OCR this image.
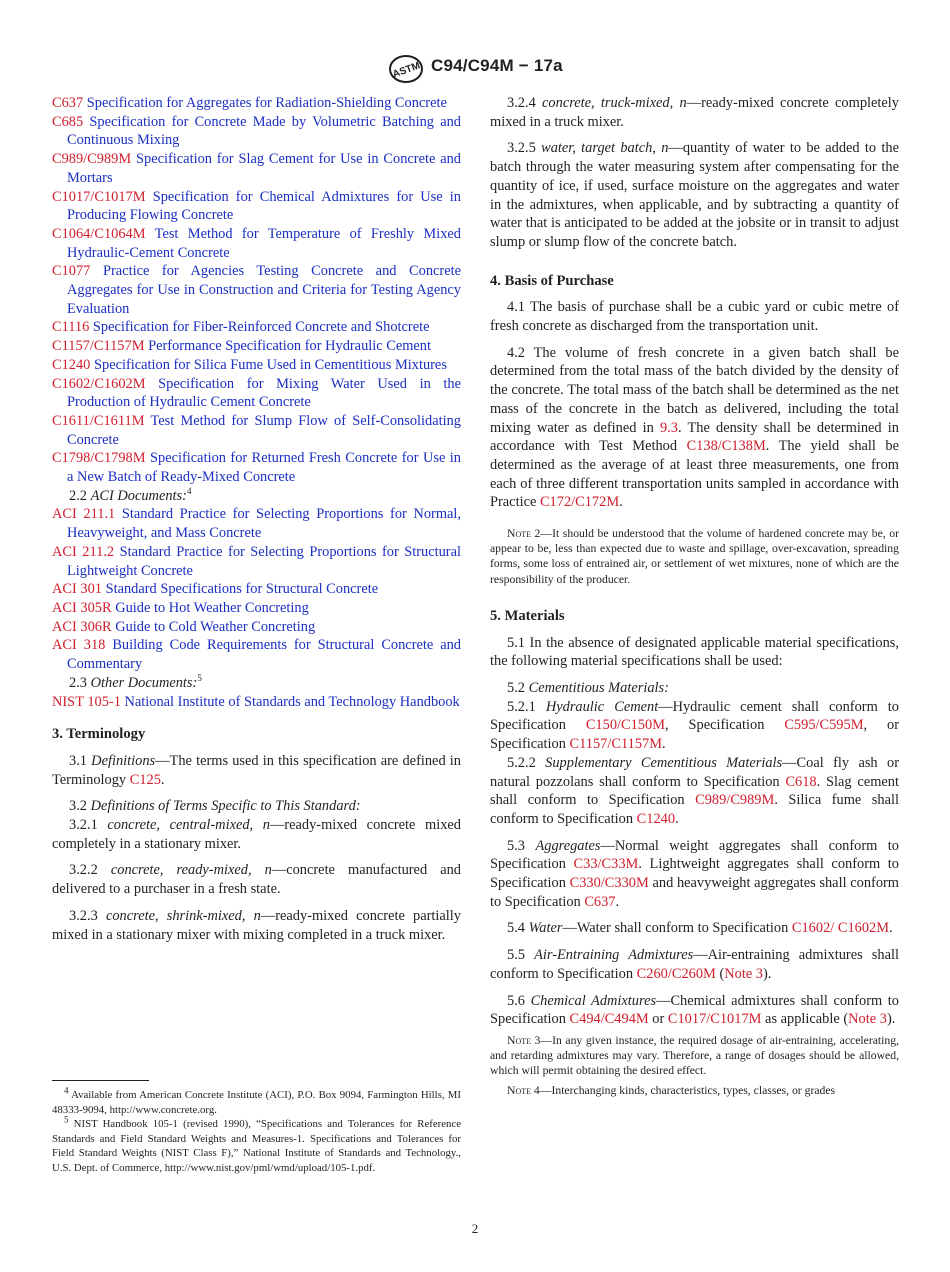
ASTM C94/C94M − 17a

C637 Specification for Aggregates for Radiation-Shielding Concrete

C685 Specification for Concrete Made by Volumetric Batching and Continuous Mixing

C989/C989M Specification for Slag Cement for Use in Concrete and Mortars

C1017/C1017M Specification for Chemical Admixtures for Use in Producing Flowing Concrete

C1064/C1064M Test Method for Temperature of Freshly Mixed Hydraulic-Cement Concrete

C1077 Practice for Agencies Testing Concrete and Concrete Aggregates for Use in Construction and Criteria for Testing Agency Evaluation

C1116 Specification for Fiber-Reinforced Concrete and Shotcrete

C1157/C1157M Performance Specification for Hydraulic Cement

C1240 Specification for Silica Fume Used in Cementitious Mixtures

C1602/C1602M Specification for Mixing Water Used in the Production of Hydraulic Cement Concrete

C1611/C1611M Test Method for Slump Flow of Self-Consolidating Concrete

C1798/C1798M Specification for Returned Fresh Concrete for Use in a New Batch of Ready-Mixed Concrete

2.2 ACI Documents:$^4$

ACI 211.1 Standard Practice for Selecting Proportions for Normal, Heavyweight, and Mass Concrete

ACI 211.2 Standard Practice for Selecting Proportions for Structural Lightweight Concrete

ACI 301 Standard Specifications for Structural Concrete

ACI 305R Guide to Hot Weather Concreting

ACI 306R Guide to Cold Weather Concreting

ACI 318 Building Code Requirements for Structural Concrete and Commentary

2.3 Other Documents:$^5$

NIST 105-1 National Institute of Standards and Technology Handbook

3. Terminology

3.1 Definitions—The terms used in this specification are defined in Terminology C125.

3.2 Definitions of Terms Specific to This Standard:

3.2.1 concrete, central-mixed, n—ready-mixed concrete mixed completely in a stationary mixer.

3.2.2 concrete, ready-mixed, n—concrete manufactured and delivered to a purchaser in a fresh state.

3.2.3 concrete, shrink-mixed, n—ready-mixed concrete partially mixed in a stationary mixer with mixing completed in a truck mixer.

$^4$ Available from American Concrete Institute (ACI), P.O. Box 9094, Farmington Hills, MI 48333-9094, http://www.concrete.org.

$^5$ NIST Handbook 105-1 (revised 1990), “Specifications and Tolerances for Reference Standards and Field Standard Weights and Measures-1. Specifications and Tolerances for Field Standard Weights (NIST Class F),” National Institute of Standards and Technology., U.S. Dept. of Commerce, http://www.nist.gov/pml/wmd/upload/105-1.pdf.

3.2.4 concrete, truck-mixed, n—ready-mixed concrete completely mixed in a truck mixer.

3.2.5 water, target batch, n—quantity of water to be added to the batch through the water measuring system after compensating for the quantity of ice, if used, surface moisture on the aggregates and water in the admixtures, when applicable, and by subtracting a quantity of water that is anticipated to be added at the jobsite or in transit to adjust slump or slump flow of the concrete batch.

4. Basis of Purchase

4.1 The basis of purchase shall be a cubic yard or cubic metre of fresh concrete as discharged from the transportation unit.

4.2 The volume of fresh concrete in a given batch shall be determined from the total mass of the batch divided by the density of the concrete. The total mass of the batch shall be determined as the net mass of the concrete in the batch as delivered, including the total mixing water as defined in 9.3. The density shall be determined in accordance with Test Method C138/C138M. The yield shall be determined as the average of at least three measurements, one from each of three different transportation units sampled in accordance with Practice C172/C172M.

Note 2—It should be understood that the volume of hardened concrete may be, or appear to be, less than expected due to waste and spillage, over-excavation, spreading forms, some loss of entrained air, or settlement of wet mixtures, none of which are the responsibility of the producer.

5. Materials

5.1 In the absence of designated applicable material specifications, the following material specifications shall be used:

5.2 Cementitious Materials:

5.2.1 Hydraulic Cement—Hydraulic cement shall conform to Specification C150/C150M, Specification C595/C595M, or Specification C1157/C1157M.

5.2.2 Supplementary Cementitious Materials—Coal fly ash or natural pozzolans shall conform to Specification C618. Slag cement shall conform to Specification C989/C989M. Silica fume shall conform to Specification C1240.

5.3 Aggregates—Normal weight aggregates shall conform to Specification C33/C33M. Lightweight aggregates shall conform to Specification C330/C330M and heavyweight aggregates shall conform to Specification C637.

5.4 Water—Water shall conform to Specification C1602/ C1602M.

5.5 Air-Entraining Admixtures—Air-entraining admixtures shall conform to Specification C260/C260M (Note 3).

5.6 Chemical Admixtures—Chemical admixtures shall conform to Specification C494/C494M or C1017/C1017M as applicable (Note 3).

Note 3—In any given instance, the required dosage of air-entraining, accelerating, and retarding admixtures may vary. Therefore, a range of dosages should be allowed, which will permit obtaining the desired effect.

Note 4—Interchanging kinds, characteristics, types, classes, or grades

2
